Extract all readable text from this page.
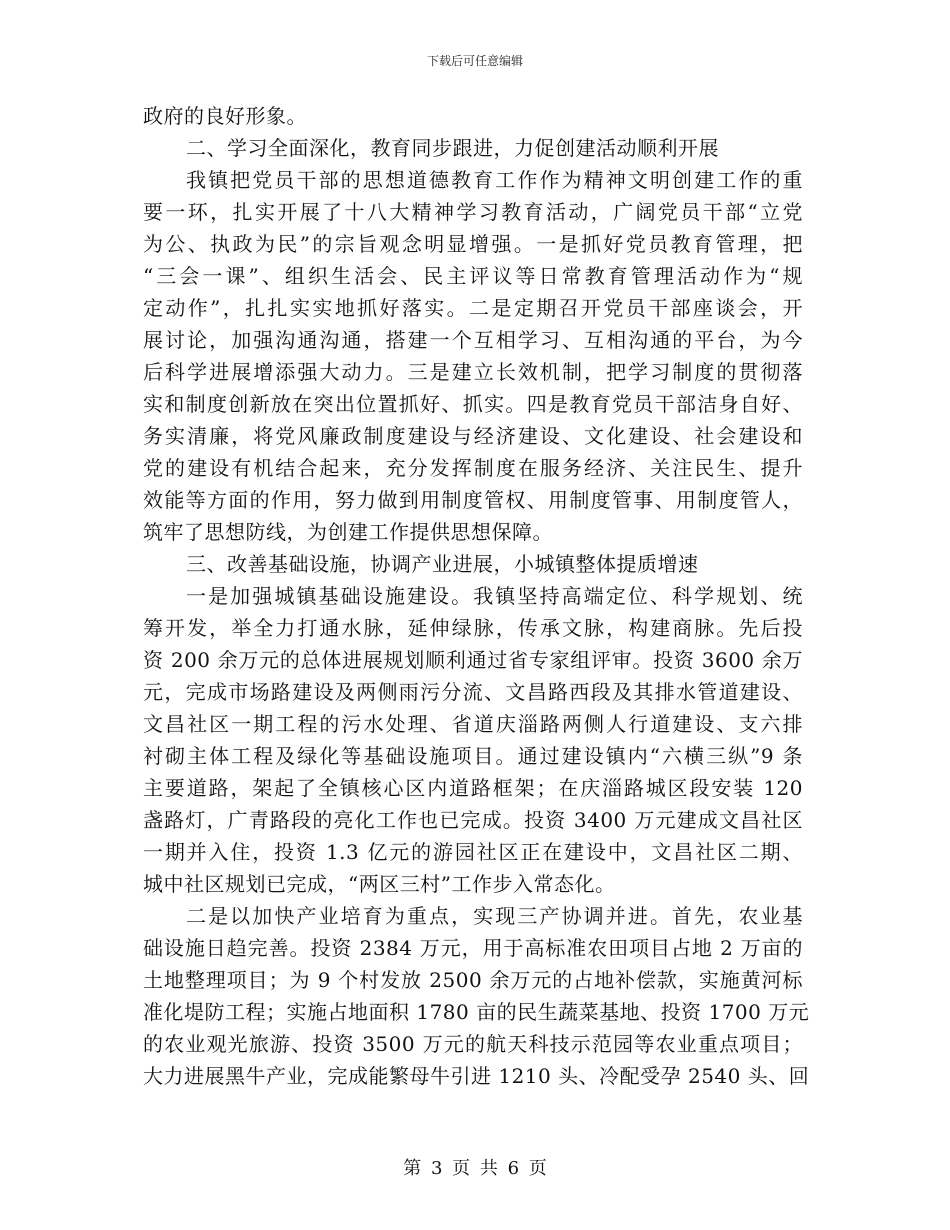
下载后可任意编辑
政府的良好形象。
二、学习全面深化，教育同步跟进，力促创建活动顺利开展
我镇把党员干部的思想道德教育工作作为精神文明创建工作的重
要一环，扎实开展了十八大精神学习教育活动，广阔党员干部“立党
为公、执政为民”的宗旨观念明显增强。一是抓好党员教育管理，把
“三会一课”、组织生活会、民主评议等日常教育管理活动作为“规
定动作”，扎扎实实地抓好落实。二是定期召开党员干部座谈会，开
展讨论，加强沟通沟通，搭建一个互相学习、互相沟通的平台，为今
后科学进展增添强大动力。三是建立长效机制，把学习制度的贯彻落
实和制度创新放在突出位置抓好、抓实。四是教育党员干部洁身自好、
务实清廉，将党风廉政制度建设与经济建设、文化建设、社会建设和
党的建设有机结合起来，充分发挥制度在服务经济、关注民生、提升
效能等方面的作用，努力做到用制度管权、用制度管事、用制度管人，
筑牢了思想防线，为创建工作提供思想保障。
三、改善基础设施，协调产业进展，小城镇整体提质增速
一是加强城镇基础设施建设。我镇坚持高端定位、科学规划、统
筹开发，举全力打通水脉，延伸绿脉，传承文脉，构建商脉。先后投
资 200 余万元的总体进展规划顺利通过省专家组评审。投资 3600 余万
元，完成市场路建设及两侧雨污分流、文昌路西段及其排水管道建设、
文昌社区一期工程的污水处理、省道庆淄路两侧人行道建设、支六排
衬砌主体工程及绿化等基础设施项目。通过建设镇内“六横三纵”9 条
主要道路，架起了全镇核心区内道路框架；在庆淄路城区段安装 120
盏路灯，广青路段的亮化工作也已完成。投资 3400 万元建成文昌社区
一期并入住，投资 1.3 亿元的游园社区正在建设中，文昌社区二期、
城中社区规划已完成，“两区三村”工作步入常态化。
二是以加快产业培育为重点，实现三产协调并进。首先，农业基
础设施日趋完善。投资 2384 万元，用于高标准农田项目占地 2 万亩的
土地整理项目；为 9 个村发放 2500 余万元的占地补偿款，实施黄河标
准化堤防工程；实施占地面积 1780 亩的民生蔬菜基地、投资 1700 万元
的农业观光旅游、投资 3500 万元的航天科技示范园等农业重点项目；
大力进展黑牛产业，完成能繁母牛引进 1210 头、冷配受孕 2540 头、回
第 3 页 共 6 页
